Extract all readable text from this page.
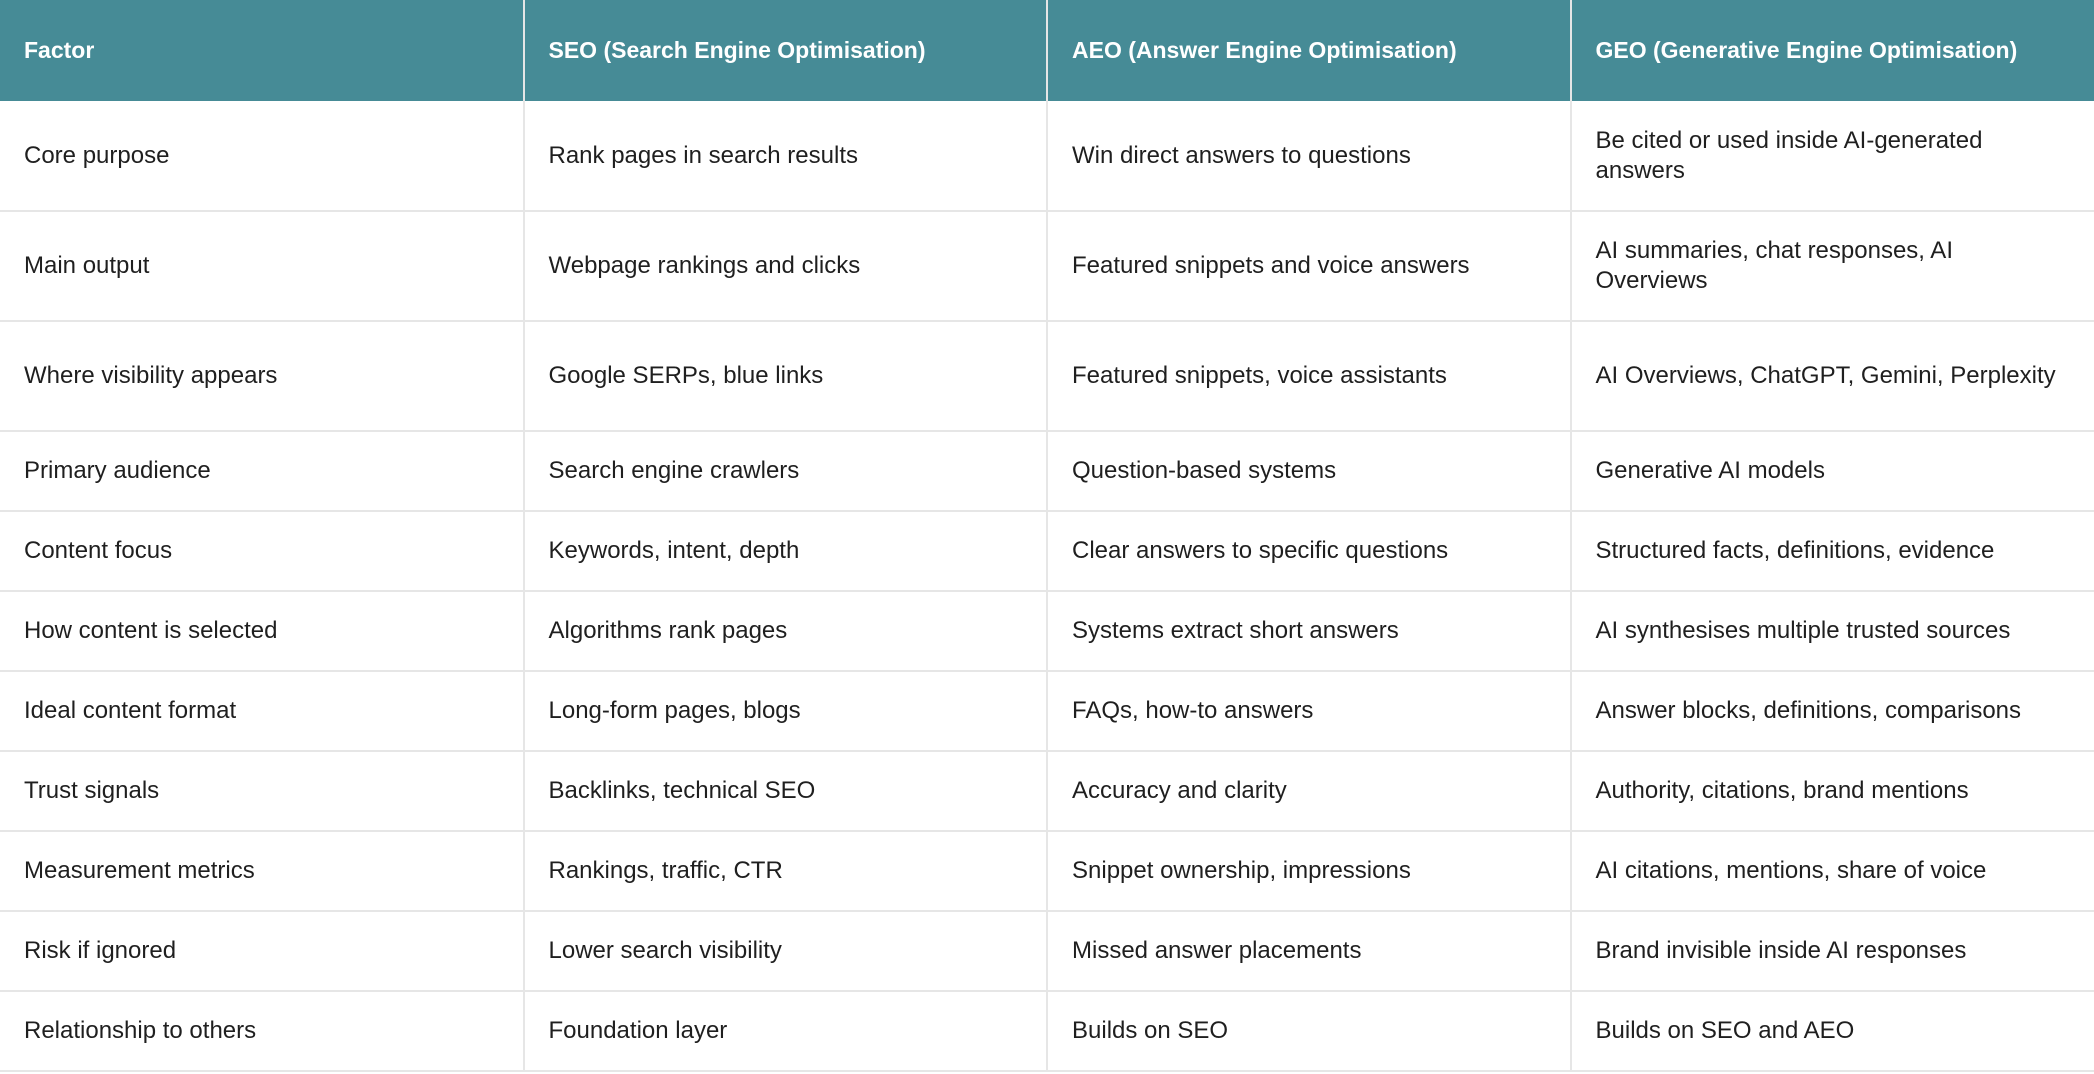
Factor	SEO (Search Engine Optimisation)	AEO (Answer Engine Optimisation)	GEO (Generative Engine Optimisation)
Core purpose	Rank pages in search results	Win direct answers to questions	Be cited or used inside AI-generated answers
Main output	Webpage rankings and clicks	Featured snippets and voice answers	AI summaries, chat responses, AI Overviews
Where visibility appears	Google SERPs, blue links	Featured snippets, voice assistants	AI Overviews, ChatGPT, Gemini, Perplexity
Primary audience	Search engine crawlers	Question-based systems	Generative AI models
Content focus	Keywords, intent, depth	Clear answers to specific questions	Structured facts, definitions, evidence
How content is selected	Algorithms rank pages	Systems extract short answers	AI synthesises multiple trusted sources
Ideal content format	Long-form pages, blogs	FAQs, how-to answers	Answer blocks, definitions, comparisons
Trust signals	Backlinks, technical SEO	Accuracy and clarity	Authority, citations, brand mentions
Measurement metrics	Rankings, traffic, CTR	Snippet ownership, impressions	AI citations, mentions, share of voice
Risk if ignored	Lower search visibility	Missed answer placements	Brand invisible inside AI responses
Relationship to others	Foundation layer	Builds on SEO	Builds on SEO and AEO
